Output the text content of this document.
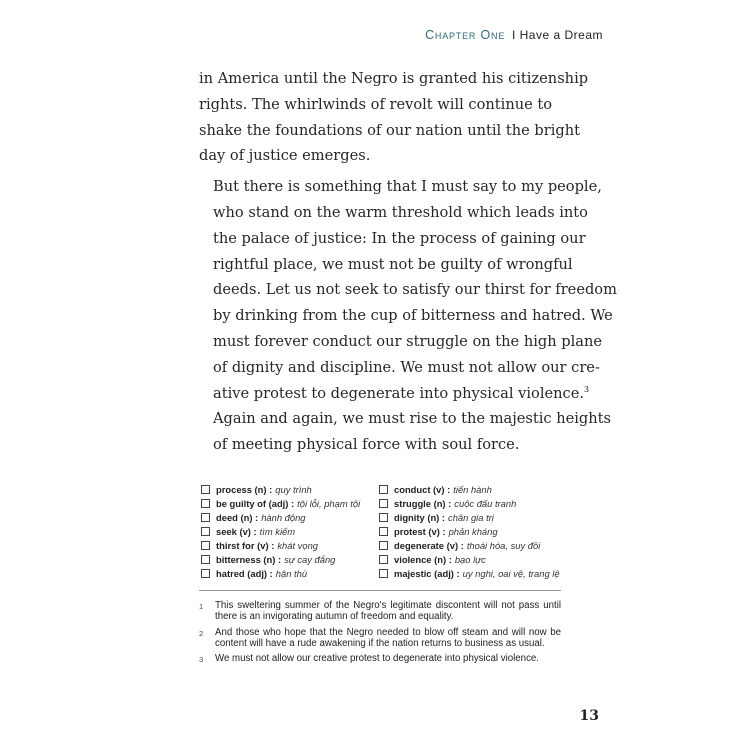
Chapter One I Have a Dream

in America until the Negro is granted his citizenship
rights. The whirlwinds of revolt will continue to
shake the foundations of our nation until the bright
day of justice emerges.

But there is something that I must say to my people,
who stand on the warm threshold which leads into
the palace of justice: In the process of gaining our
rightful place, we must not be guilty of wrongful
deeds. Let us not seek to satisfy our thirst for freedom
by drinking from the cup of bitterness and hatred. We
must forever conduct our struggle on the high plane
of dignity and discipline. We must not allow our cre-
ative protest to degenerate into physical violence.$^3$
Again and again, we must rise to the majestic heights
of meeting physical force with soul force.

process (n) : quy trình	conduct (v) : tiến hành
be guilty of (adj) : tội lỗi, phạm tội	struggle (n) : cuộc đấu tranh
deed (n) : hành động	dignity (n) : chân gia trị
seek (v) : tìm kiếm	protest (v) : phản kháng
thirst for (v) : khát vọng	degenerate (v) : thoái hóa, suy đồi
bitterness (n) : sự cay đắng	violence (n) : bạo lực
hatred (adj) : hận thù	majestic (adj) : uy nghi, oai vệ, trang lệ
1	This sweltering summer of the Negro's legitimate discontent will not pass until there is an invigorating autumn of freedom and equality.
2	And those who hope that the Negro needed to blow off steam and will now be content will have a rude awakening if the nation returns to business as usual.
3	We must not allow our creative protest to degenerate into physical violence.
13
